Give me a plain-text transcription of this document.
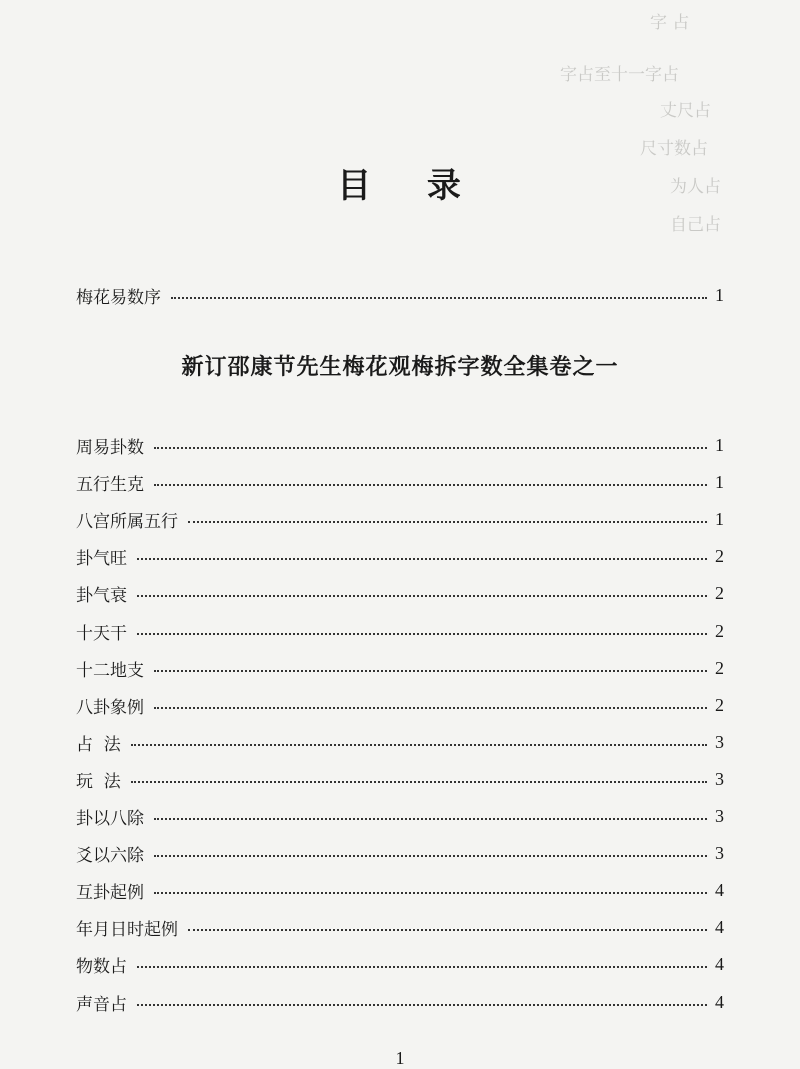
字 占
字占至十一字占
丈尺占
尺寸数占
为人占
自己占
目 录
梅花易数序	1
新订邵康节先生梅花观梅拆字数全集卷之一
周易卦数	1
五行生克	1
八宫所属五行	1
卦气旺	2
卦气衰	2
十天干	2
十二地支	2
八卦象例	2
占  法	3
玩  法	3
卦以八除	3
爻以六除	3
互卦起例	4
年月日时起例	4
物数占	4
声音占	4
1
